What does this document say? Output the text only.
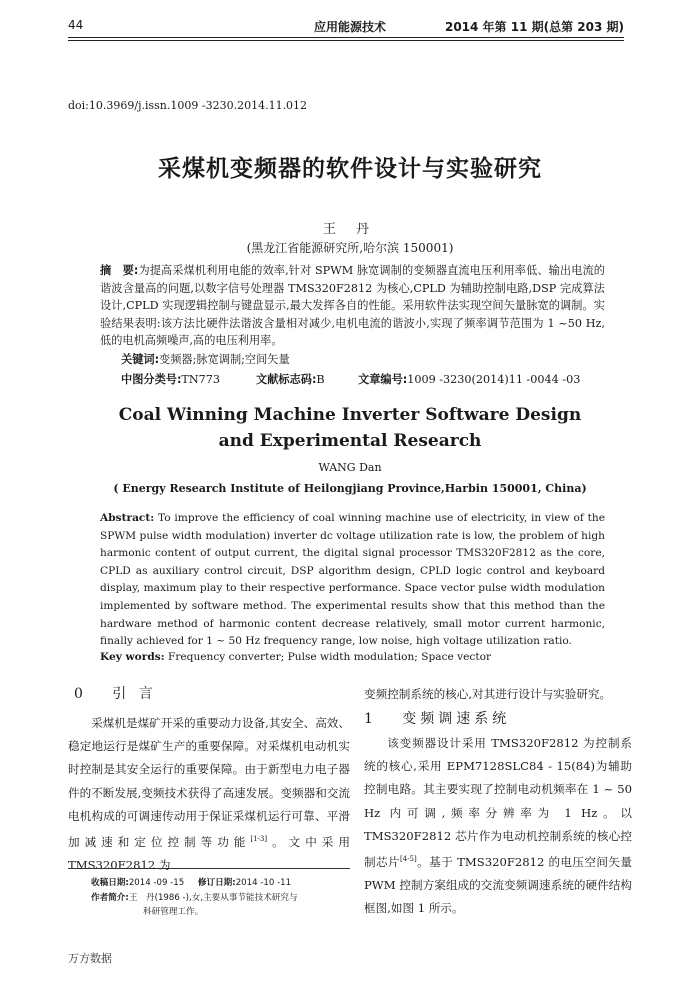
44	应用能源技术	2014 年第 11 期(总第 203 期)
doi:10.3969/j.issn.1009 -3230.2014.11.012
采煤机变频器的软件设计与实验研究
王 丹
(黑龙江省能源研究所,哈尔滨 150001)
摘　要:为提高采煤机利用电能的效率,针对 SPWM 脉宽调制的变频器直流电压利用率低、输出电流的谐波含量高的问题,以数字信号处理器 TMS320F2812 为核心,CPLD 为辅助控制电路,DSP 完成算法设计,CPLD 实现逻辑控制与键盘显示,最大发挥各自的性能。采用软件法实现空间矢量脉宽的调制。实验结果表明:该方法比硬件法谐波含量相对减少,电机电流的谐波小,实现了频率调节范围为 1 ~50 Hz,低的电机高频噪声,高的电压利用率。
关键词:变频器;脉宽调制;空间矢量
中图分类号:TN773	文献标志码:B	文章编号:1009 -3230(2014)11 -0044 -03
Coal Winning Machine Inverter Software Design
and Experimental Research
WANG Dan
( Energy Research Institute of Heilongjiang Province,Harbin 150001, China)
Abstract: To improve the efficiency of coal winning machine use of electricity, in view of the SPWM pulse width modulation) inverter dc voltage utilization rate is low, the problem of high harmonic content of output current, the digital signal processor TMS320F2812 as the core, CPLD as auxiliary control circuit, DSP algorithm design, CPLD logic control and keyboard display, maximum play to their respective performance. Space vector pulse width modulation implemented by software method. The experimental results show that this method than the hardware method of harmonic content decrease relatively, small motor current harmonic, finally achieved for 1 ~ 50 Hz frequency range, low noise, high voltage utilization ratio.
Key words: Frequency converter; Pulse width modulation; Space vector
0 引 言

采煤机是煤矿开采的重要动力设备,其安全、高效、稳定地运行是煤矿生产的重要保障。对采煤机电动机实时控制是其安全运行的重要保障。由于新型电力电子器件的不断发展,变频技术获得了高速发展。变频器和交流电机构成的可调速传动用于保证采煤机运行可靠、平滑加减速和定位控制等功能[1-3]。文中采用 TMS320F2812 为

收稿日期:2014 -09 -15 修订日期:2014 -10 -11
作者简介:王　丹(1986 -),女,主要从事节能技术研究与
科研管理工作。

变频控制系统的核心,对其进行设计与实验研究。

1 变频调速系统

该变频器设计采用 TMS320F2812 为控制系统的核心,采用 EPM7128SLC84 - 15(84)为辅助控制电路。其主要实现了控制电动机频率在 1 ~ 50 Hz 内可调,频率分辨率为 1 Hz。以 TMS320F2812 芯片作为电动机控制系统的核心控制芯片[4-5]。基于 TMS320F2812 的电压空间矢量 PWM 控制方案组成的交流变频调速系统的硬件结构框图,如图 1 所示。

万方数据
